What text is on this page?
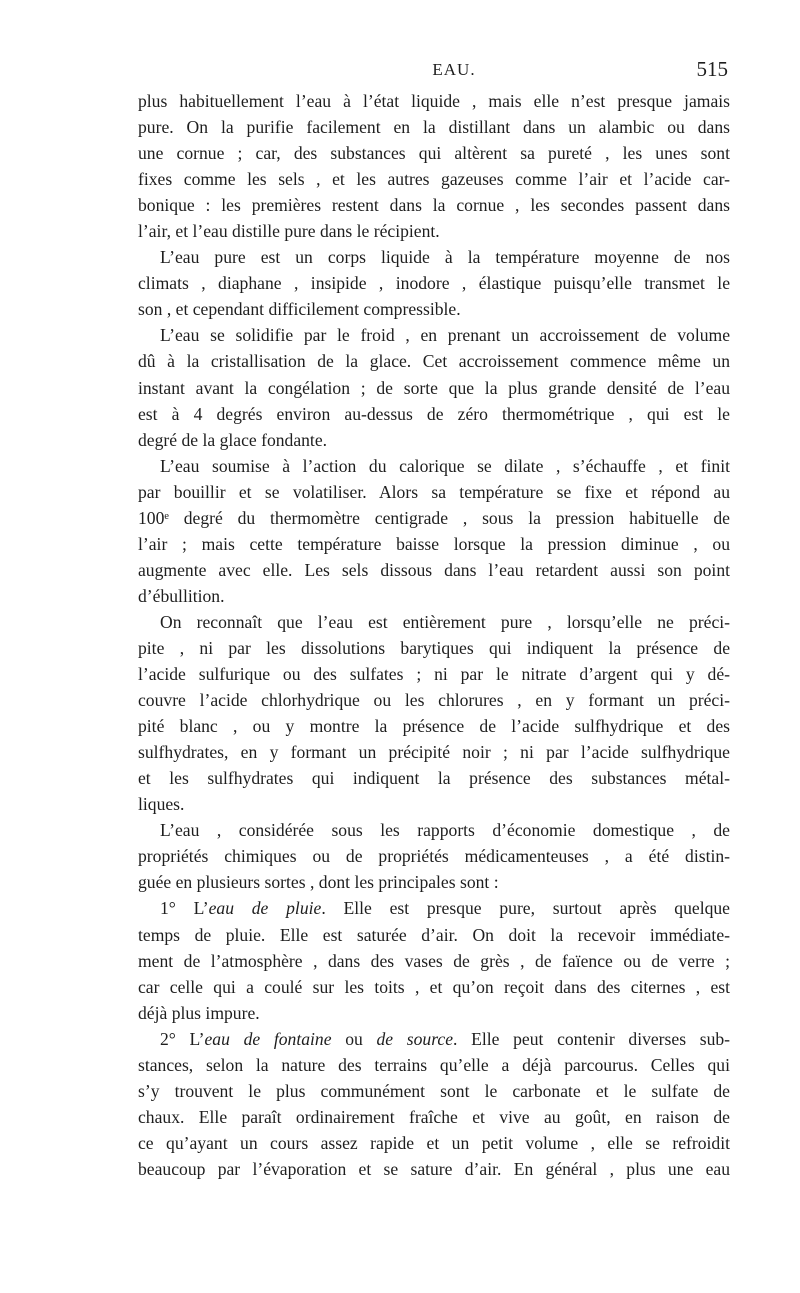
EAU.	515
plus habituellement l’eau à l’état liquide , mais elle n’est presque jamais
pure. On la purifie facilement en la distillant dans un alambic ou dans
une cornue ; car, des substances qui altèrent sa pureté , les unes sont
fixes comme les sels , et les autres gazeuses comme l’air et l’acide car-
bonique : les premières restent dans la cornue , les secondes passent dans
l’air, et l’eau distille pure dans le récipient.
L’eau pure est un corps liquide à la température moyenne de nos
climats , diaphane , insipide , inodore , élastique puisqu’elle transmet le
son , et cependant difficilement compressible.
L’eau se solidifie par le froid , en prenant un accroissement de volume
dû à la cristallisation de la glace. Cet accroissement commence même un
instant avant la congélation ; de sorte que la plus grande densité de l’eau
est à 4 degrés environ au-dessus de zéro thermométrique , qui est le
degré de la glace fondante.
L’eau soumise à l’action du calorique se dilate , s’échauffe , et finit
par bouillir et se volatiliser. Alors sa température se fixe et répond au
100ᵉ degré du thermomètre centigrade , sous la pression habituelle de
l’air ; mais cette température baisse lorsque la pression diminue , ou
augmente avec elle. Les sels dissous dans l’eau retardent aussi son point
d’ébullition.
On reconnaît que l’eau est entièrement pure , lorsqu’elle ne préci-
pite , ni par les dissolutions barytiques qui indiquent la présence de
l’acide sulfurique ou des sulfates ; ni par le nitrate d’argent qui y dé-
couvre l’acide chlorhydrique ou les chlorures , en y formant un préci-
pité blanc , ou y montre la présence de l’acide sulfhydrique et des
sulfhydrates, en y formant un précipité noir ; ni par l’acide sulfhydrique
et les sulfhydrates qui indiquent la présence des substances métal-
liques.
L’eau , considérée sous les rapports d’économie domestique , de
propriétés chimiques ou de propriétés médicamenteuses , a été distin-
guée en plusieurs sortes , dont les principales sont :
1° L’eau de pluie. Elle est presque pure, surtout après quelque
temps de pluie. Elle est saturée d’air. On doit la recevoir immédiate-
ment de l’atmosphère , dans des vases de grès , de faïence ou de verre ;
car celle qui a coulé sur les toits , et qu’on reçoit dans des citernes , est
déjà plus impure.
2° L’eau de fontaine ou de source. Elle peut contenir diverses sub-
stances, selon la nature des terrains qu’elle a déjà parcourus. Celles qui
s’y trouvent le plus communément sont le carbonate et le sulfate de
chaux. Elle paraît ordinairement fraîche et vive au goût, en raison de
ce qu’ayant un cours assez rapide et un petit volume , elle se refroidit
beaucoup par l’évaporation et se sature d’air. En général , plus une eau
